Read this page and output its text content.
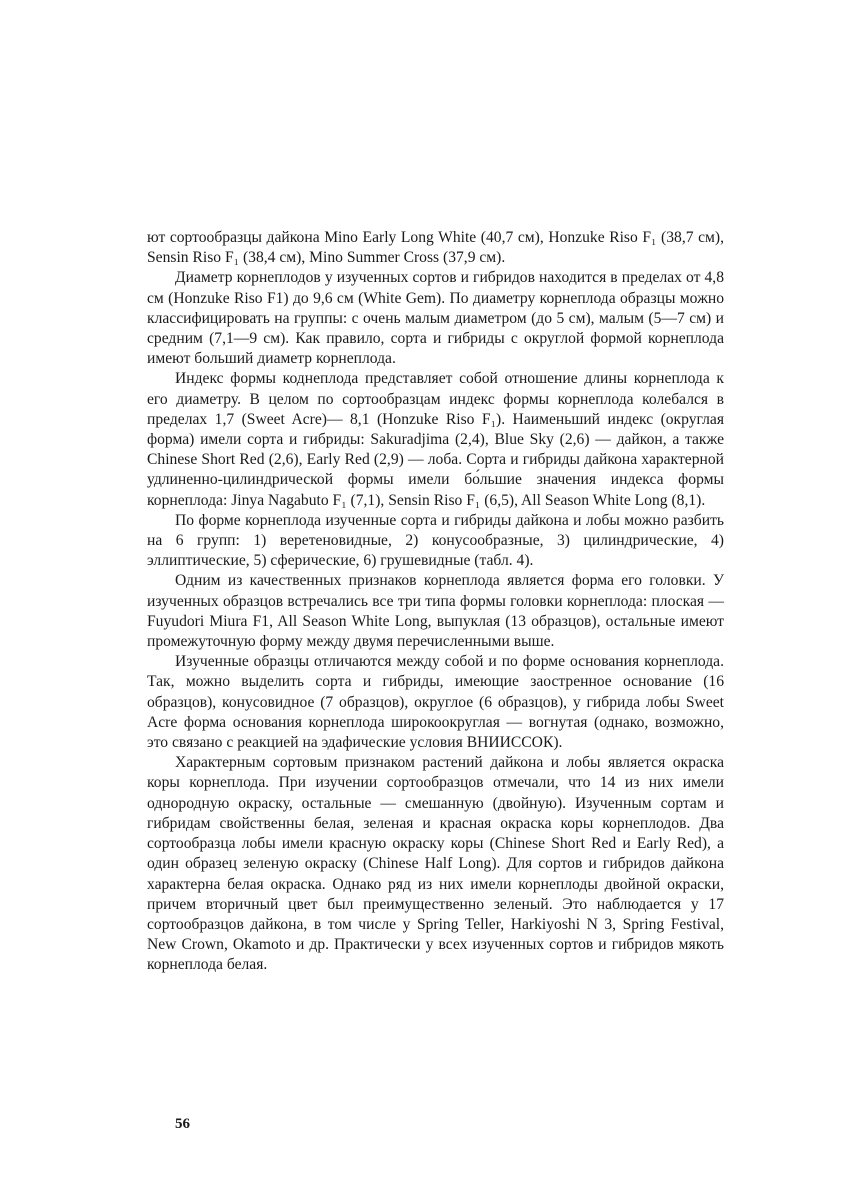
ют сортообразцы дайкона Mino Early Long White (40,7 см), Honzuke Riso F₁ (38,7 см), Sensin Riso F₁ (38,4 см), Mino Summer Cross (37,9 см).

Диаметр корнеплодов у изученных сортов и гибридов находится в пределах от 4,8 см (Honzuke Riso F1) до 9,6 см (White Gem). По диаметру корнеплода образцы можно классифицировать на группы: с очень малым диаметром (до 5 см), малым (5—7 см) и средним (7,1—9 см). Как правило, сорта и гибриды с округлой формой корнеплода имеют больший диаметр корнеплода.

Индекс формы коднеплода представляет собой отношение длины корнеплода к его диаметру. В целом по сортообразцам индекс формы корнеплода колебался в пределах 1,7 (Sweet Acre)— 8,1 (Honzuke Riso F₁). Наименьший индекс (округлая форма) имели сорта и гибриды: Sakuradjima (2,4), Blue Sky (2,6) — дайкон, а также Chinese Short Red (2,6), Early Red (2,9) — лоба. Сорта и гибриды дайкона характерной удлиненно-цилиндрической формы имели бо́льшие значения индекса формы корнеплода: Jinya Nagabuto F₁ (7,1), Sensin Riso F₁ (6,5), All Season White Long (8,1).

По форме корнеплода изученные сорта и гибриды дайкона и лобы можно разбить на 6 групп: 1) веретеновидные, 2) конусообразные, 3) цилиндрические, 4) эллиптические, 5) сферические, 6) грушевидные (табл. 4).

Одним из качественных признаков корнеплода является форма его головки. У изученных образцов встречались все три типа формы головки корнеплода: плоская — Fuyudori Miura F1, All Season White Long, выпуклая (13 образцов), остальные имеют промежуточную форму между двумя перечисленными выше.

Изученные образцы отличаются между собой и по форме основания корнеплода. Так, можно выделить сорта и гибриды, имеющие заостренное основание (16 образцов), конусовидное (7 образцов), округлое (6 образцов), у гибрида лобы Sweet Acre форма основания корнеплода широкоокруглая — вогнутая (однако, возможно, это связано с реакцией на эдафические условия ВНИИССОК).

Характерным сортовым признаком растений дайкона и лобы является окраска коры корнеплода. При изучении сортообразцов отмечали, что 14 из них имели однородную окраску, остальные — смешанную (двойную). Изученным сортам и гибридам свойственны белая, зеленая и красная окраска коры корнеплодов. Два сортообразца лобы имели красную окраску коры (Chinese Short Red и Early Red), а один образец зеленую окраску (Chinese Half Long). Для сортов и гибридов дайкона характерна белая окраска. Однако ряд из них имели корнеплоды двойной окраски, причем вторичный цвет был преимущественно зеленый. Это наблюдается у 17 сортообразцов дайкона, в том числе у Spring Teller, Harkiyoshi N 3, Spring Festival, New Crown, Okamoto и др. Практически у всех изученных сортов и гибридов мякоть корнеплода белая.

56
